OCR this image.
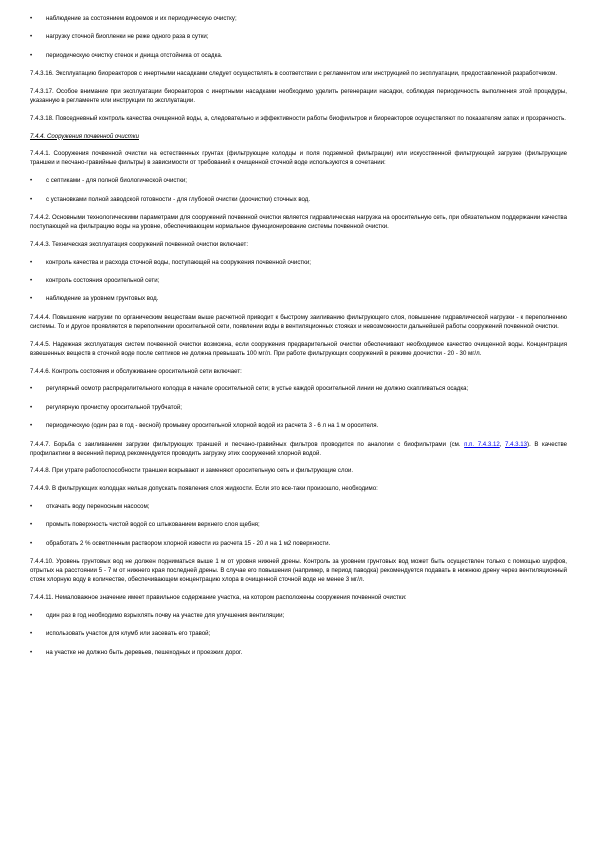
• наблюдение за состоянием водоемов и их периодическую очистку;
• нагрузку сточной биопленки не реже одного раза в сутки;
• периодическую очистку стенок и днища отстойника от осадка.

7.4.3.16. Эксплуатацию биореакторов с инертными насадками следует осуществлять в соответствии с регламентом или инструкцией по эксплуатации, предоставленной разработчиком.

7.4.3.17. Особое внимание при эксплуатации биореакторов с инертными насадками необходимо уделить регенерации насадки, соблюдая периодичность выполнения этой процедуры, указанную в регламенте или инструкции по эксплуатации.

7.4.3.18. Повседневный контроль качества очищенной воды, а, следовательно и эффективности работы биофильтров и биореакторов осуществляют по показателям запах и прозрачность.

7.4.4. Сооружения почвенной очистки

7.4.4.1. Сооружения почвенной очистки на естественных грунтах (фильтрующие колодцы и поля подземной фильтрации) или искусственной фильтрующей загрузке (фильтрующие траншеи и песчано-гравийные фильтры) в зависимости от требований к очищенной сточной воде используются в сочетании:

• с септиками - для полной биологической очистки;
• с установками полной заводской готовности - для глубокой очистки (доочистки) сточных вод.

7.4.4.2. Основными технологическими параметрами для сооружений почвенной очистки является гидравлическая нагрузка на оросительную сеть, при обязательном поддержании качества поступающей на фильтрацию воды на уровне, обеспечивающем нормальное функционирование системы почвенной очистки.

7.4.4.3. Техническая эксплуатация сооружений почвенной очистки включает:

• контроль качества и расхода сточной воды, поступающей на сооружения почвенной очистки;
• контроль состояния оросительной сети;
• наблюдение за уровнем грунтовых вод.

7.4.4.4. Повышение нагрузки по органическим веществам выше расчетной приводит к быстрому заиливанию фильтрующего слоя, повышение гидравлической нагрузки - к переполнению системы. То и другое проявляется в переполнении оросительной сети, появлении воды в вентиляционных стояках и невозможности дальнейшей работы сооружений почвенной очистки.

7.4.4.5. Надежная эксплуатация систем почвенной очистки возможна, если сооружения предварительной очистки обеспечивают необходимое качество очищенной воды. Концентрация взвешенных веществ в сточной воде после септиков не должна превышать 100 мг/л. При работе фильтрующих сооружений в режиме доочистки - 20 - 30 мг/л.

7.4.4.6. Контроль состояния и обслуживание оросительной сети включает:

• регулярный осмотр распределительного колодца в начале оросительной сети; в устье каждой оросительной линии не должно скапливаться осадка;
• регулярную прочистку оросительной трубчатой;
• периодическую (один раз в год - весной) промывку оросительной хлорной водой из расчета 3 - 6 л на 1 м оросителя.

7.4.4.7. Борьба с заиливанием загрузки фильтрующих траншей и песчано-гравийных фильтров проводится по аналогии с биофильтрами (см. п.п. 7.4.3.12, 7.4.3.13). В качестве профилактики в весенний период рекомендуется проводить загрузку этих сооружений хлорной водой.

7.4.4.8. При утрате работоспособности траншеи вскрывают и заменяют оросительную сеть и фильтрующие слои.

7.4.4.9. В фильтрующих колодцах нельзя допускать появления слоя жидкости. Если это все-таки произошло, необходимо:

• откачать воду переносным насосом;
• промыть поверхность чистой водой со штыкованием верхнего слоя щебня;
• обработать 2 % осветленным раствором хлорной извести из расчета 15 - 20 л на 1 м2 поверхности.

7.4.4.10. Уровень грунтовых вод не должен подниматься выше 1 м от уровня нижней дрены. Контроль за уровнем грунтовых вод может быть осуществлен только с помощью шурфов, отрытых на расстоянии 5 - 7 м от нижнего края последней дрены. В случае его повышения (например, в период паводка) рекомендуется подавать в нижнюю дрену через вентиляционный стояк хлорную воду в количестве, обеспечивающем концентрацию хлора в очищенной сточной воде не менее 3 мг/л.

7.4.4.11. Немаловажное значение имеет правильное содержание участка, на котором расположены сооружения почвенной очистки:

• один раз в год необходимо взрыхлять почву на участке для улучшения вентиляции;
• использовать участок для клумб или засевать его травой;
• на участке не должно быть деревьев, пешеходных и проезжих дорог.
